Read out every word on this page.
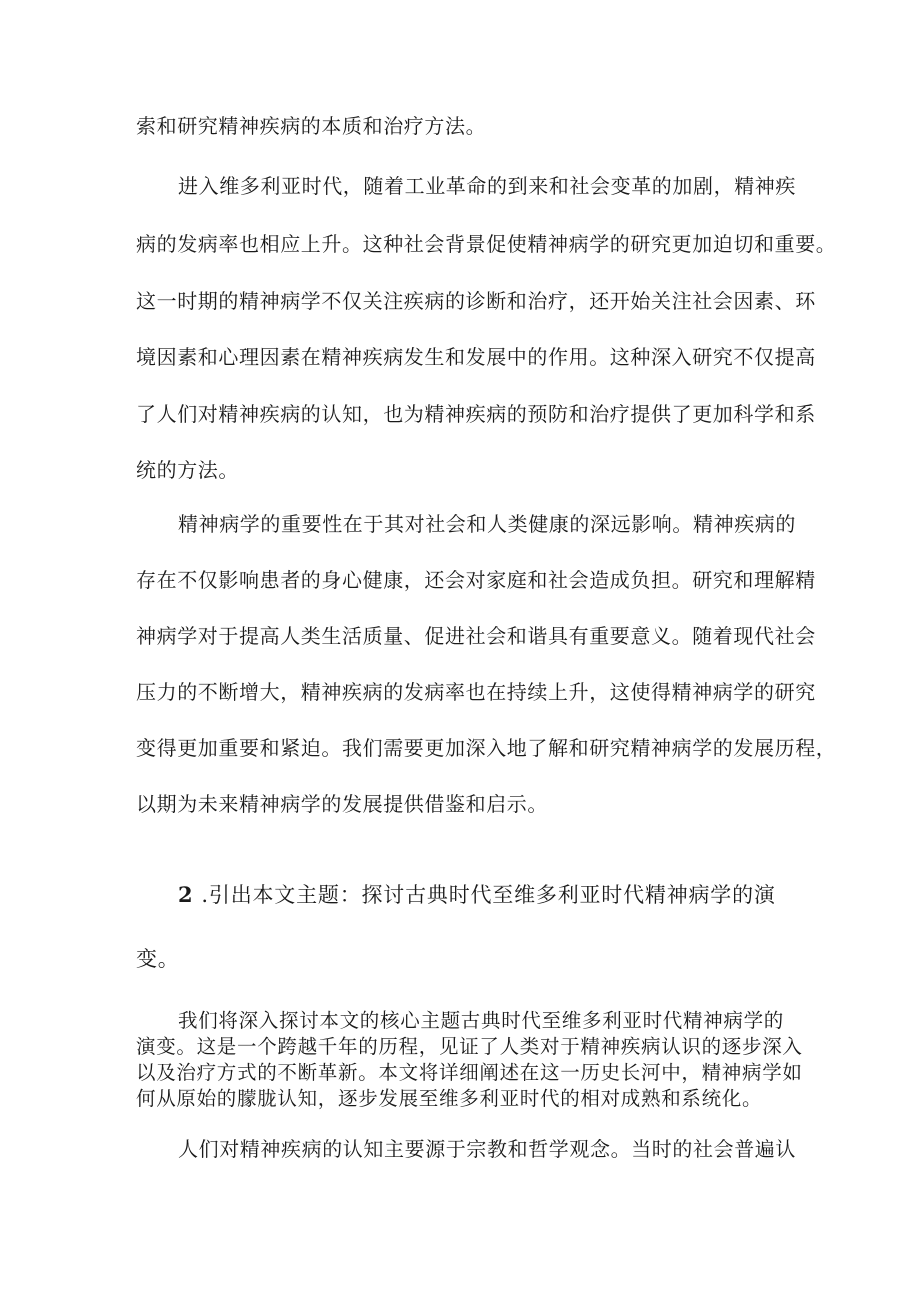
索和研究精神疾病的本质和治疗方法。
进入维多利亚时代，随着工业革命的到来和社会变革的加剧，精神疾
病的发病率也相应上升。这种社会背景促使精神病学的研究更加迫切和重要。
这一时期的精神病学不仅关注疾病的诊断和治疗，还开始关注社会因素、环
境因素和心理因素在精神疾病发生和发展中的作用。这种深入研究不仅提高
了人们对精神疾病的认知，也为精神疾病的预防和治疗提供了更加科学和系
统的方法。
精神病学的重要性在于其对社会和人类健康的深远影响。精神疾病的
存在不仅影响患者的身心健康，还会对家庭和社会造成负担。研究和理解精
神病学对于提高人类生活质量、促进社会和谐具有重要意义。随着现代社会
压力的不断增大，精神疾病的发病率也在持续上升，这使得精神病学的研究
变得更加重要和紧迫。我们需要更加深入地了解和研究精神病学的发展历程，
以期为未来精神病学的发展提供借鉴和启示。
2 .引出本文主题：探讨古典时代至维多利亚时代精神病学的演
变。
我们将深入探讨本文的核心主题古典时代至维多利亚时代精神病学的
演变。这是一个跨越千年的历程，见证了人类对于精神疾病认识的逐步深入
以及治疗方式的不断革新。本文将详细阐述在这一历史长河中，精神病学如
何从原始的朦胧认知，逐步发展至维多利亚时代的相对成熟和系统化。
人们对精神疾病的认知主要源于宗教和哲学观念。当时的社会普遍认
